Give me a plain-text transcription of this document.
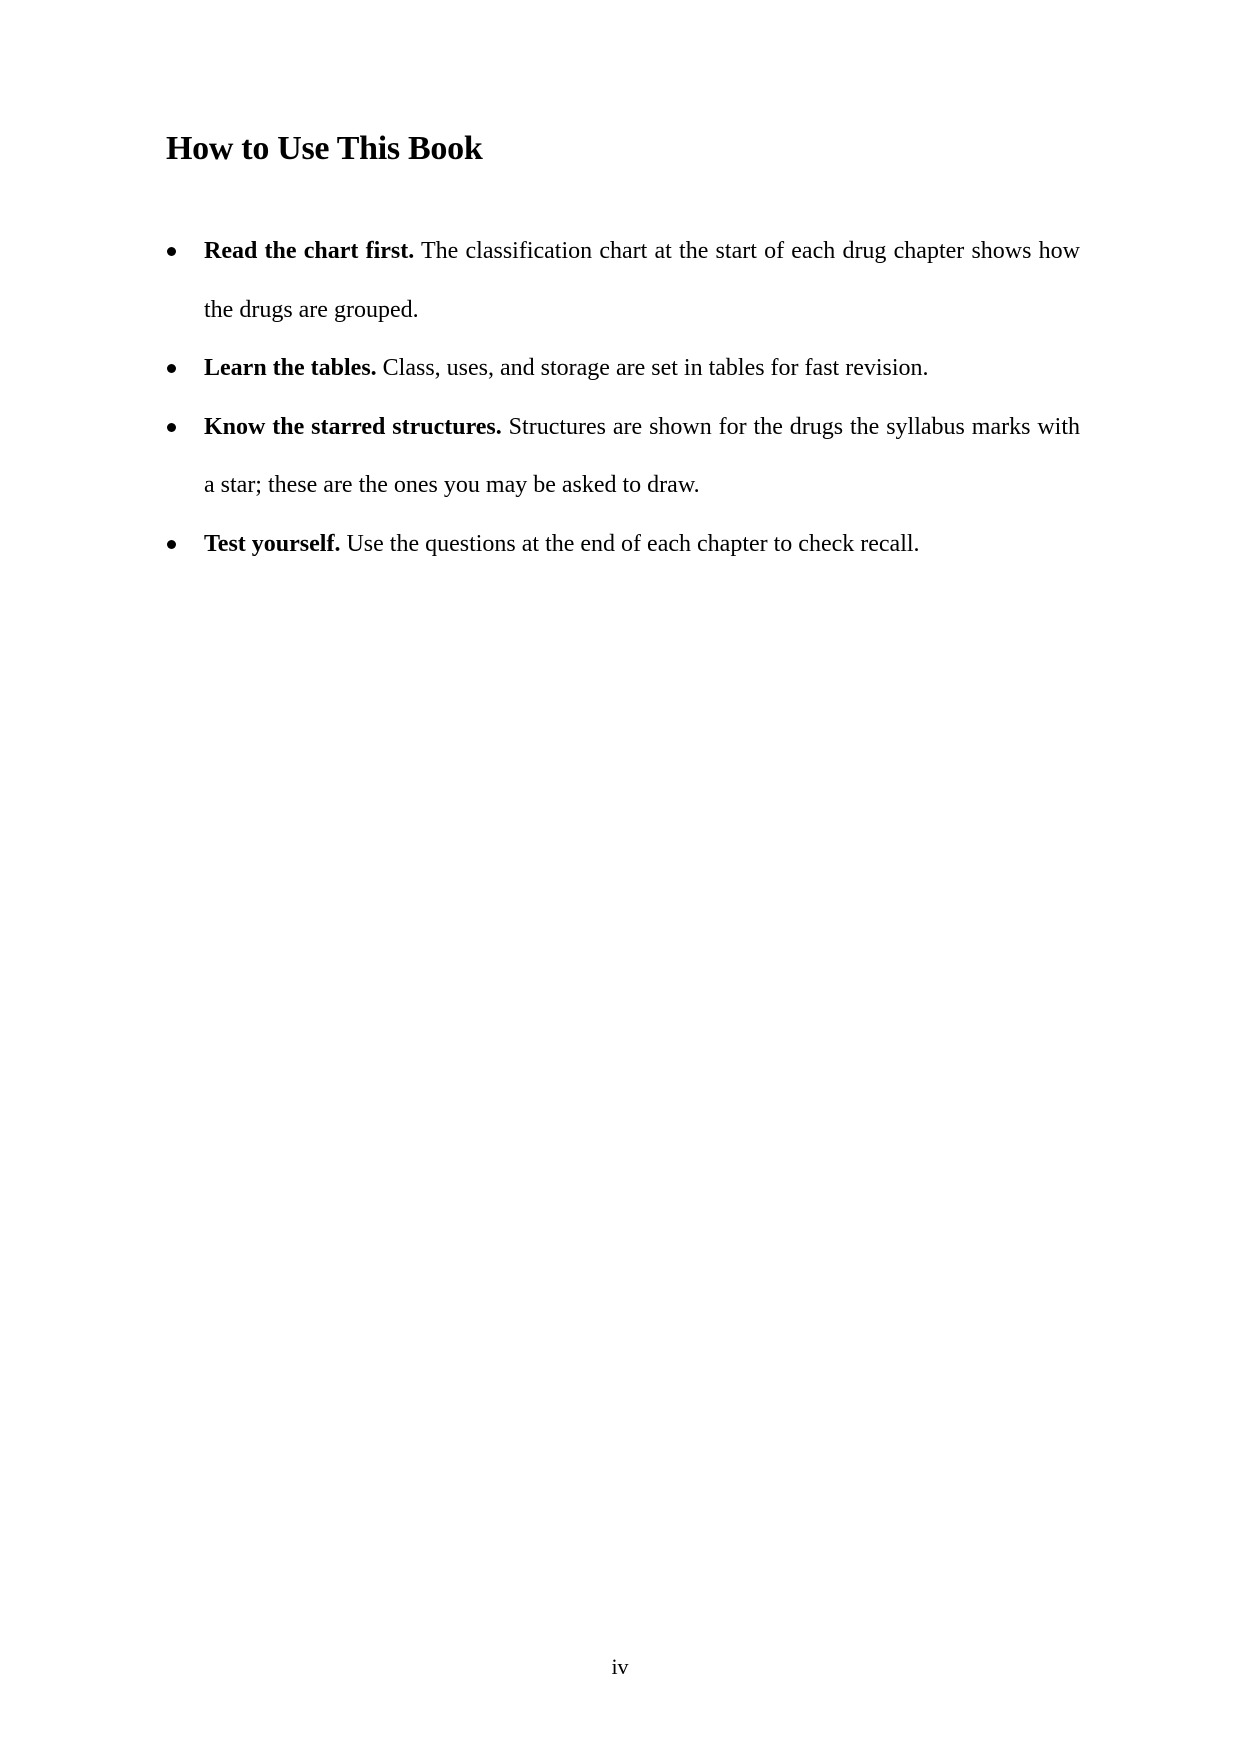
How to Use This Book
Read the chart first. The classification chart at the start of each drug chapter shows how the drugs are grouped.
Learn the tables. Class, uses, and storage are set in tables for fast revision.
Know the starred structures. Structures are shown for the drugs the syllabus marks with a star; these are the ones you may be asked to draw.
Test yourself. Use the questions at the end of each chapter to check recall.
iv
